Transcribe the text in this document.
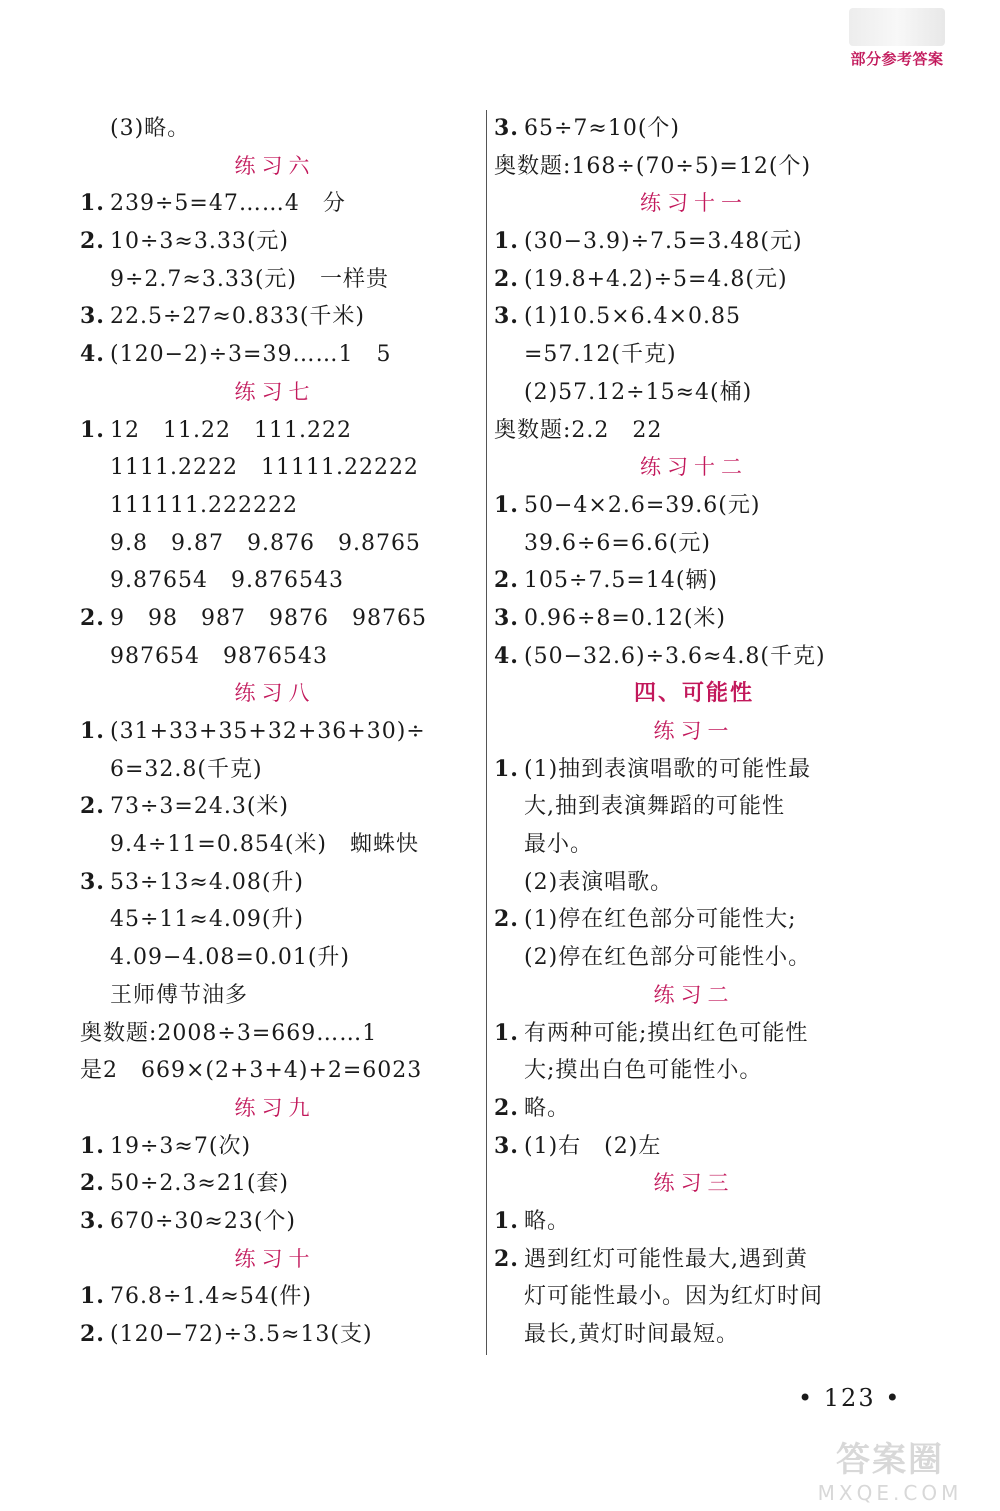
部分参考答案
(3)略。
练习六
1. 239÷5=47……4　分
2. 10÷3≈3.33(元)
9÷2.7≈3.33(元)　一样贵
3. 22.5÷27≈0.833(千米)
4. (120−2)÷3=39……1　5
练习七
1. 12　11.22　111.222
1111.2222　11111.22222
111111.222222
9.8　9.87　9.876　9.8765
9.87654　9.876543
2. 9　98　987　9876　98765
987654　9876543
练习八
1. (31+33+35+32+36+30)÷
6=32.8(千克)
2. 73÷3=24.3(米)
9.4÷11=0.854(米)　蜘蛛快
3. 53÷13≈4.08(升)
45÷11≈4.09(升)
4.09−4.08=0.01(升)
王师傅节油多
奥数题:2008÷3=669……1
是2　669×(2+3+4)+2=6023
练习九
1. 19÷3≈7(次)
2. 50÷2.3≈21(套)
3. 670÷30≈23(个)
练习十
1. 76.8÷1.4≈54(件)
2. (120−72)÷3.5≈13(支)
3. 65÷7≈10(个)
奥数题:168÷(70÷5)=12(个)
练习十一
1. (30−3.9)÷7.5=3.48(元)
2. (19.8+4.2)÷5=4.8(元)
3. (1)10.5×6.4×0.85
=57.12(千克)
(2)57.12÷15≈4(桶)
奥数题:2.2　22
练习十二
1. 50−4×2.6=39.6(元)
39.6÷6=6.6(元)
2. 105÷7.5=14(辆)
3. 0.96÷8=0.12(米)
4. (50−32.6)÷3.6≈4.8(千克)
四、可能性
练习一
1. (1)抽到表演唱歌的可能性最
大,抽到表演舞蹈的可能性
最小。
(2)表演唱歌。
2. (1)停在红色部分可能性大;
(2)停在红色部分可能性小。
练习二
1. 有两种可能;摸出红色可能性
大;摸出白色可能性小。
2. 略。
3. (1)右　(2)左
练习三
1. 略。
2. 遇到红灯可能性最大,遇到黄
灯可能性最小。因为红灯时间
最长,黄灯时间最短。
• 123 •
答案圈
MXQE.COM
